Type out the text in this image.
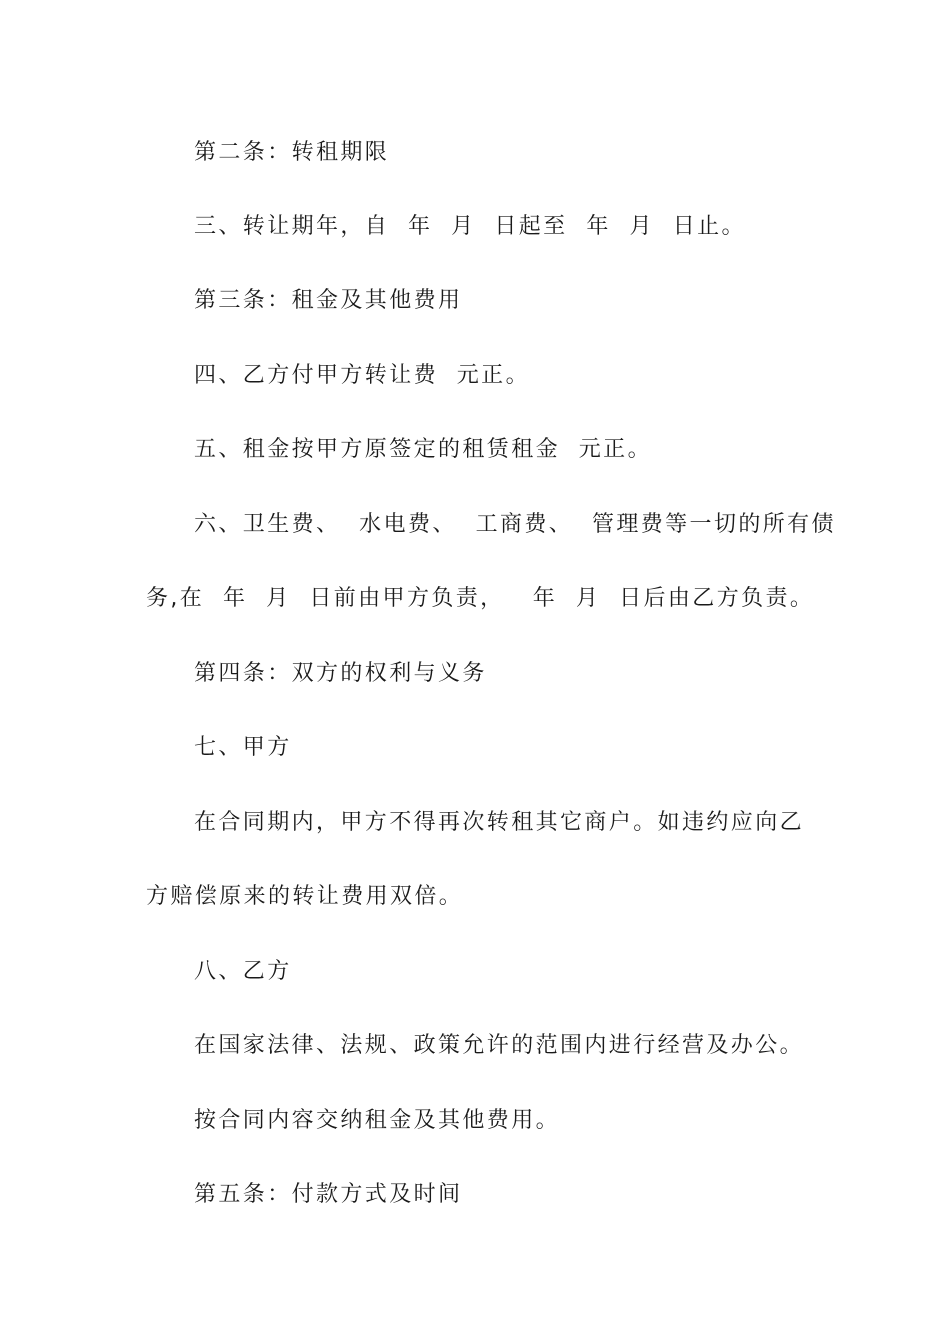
第二条：转租期限

三、转让期年，自  年  月  日起至  年  月  日止。

第三条：租金及其他费用

四、乙方付甲方转让费  元正。

五、租金按甲方原签定的租赁租金  元正。

六、卫生费、  水电费、  工商费、  管理费等一切的所有债

务,在  年  月  日前由甲方负责，   年  月  日后由乙方负责。

第四条：双方的权利与义务

七、甲方

在合同期内，甲方不得再次转租其它商户。如违约应向乙

方赔偿原来的转让费用双倍。

八、乙方

在国家法律、法规、政策允许的范围内进行经营及办公。

按合同内容交纳租金及其他费用。

第五条：付款方式及时间
